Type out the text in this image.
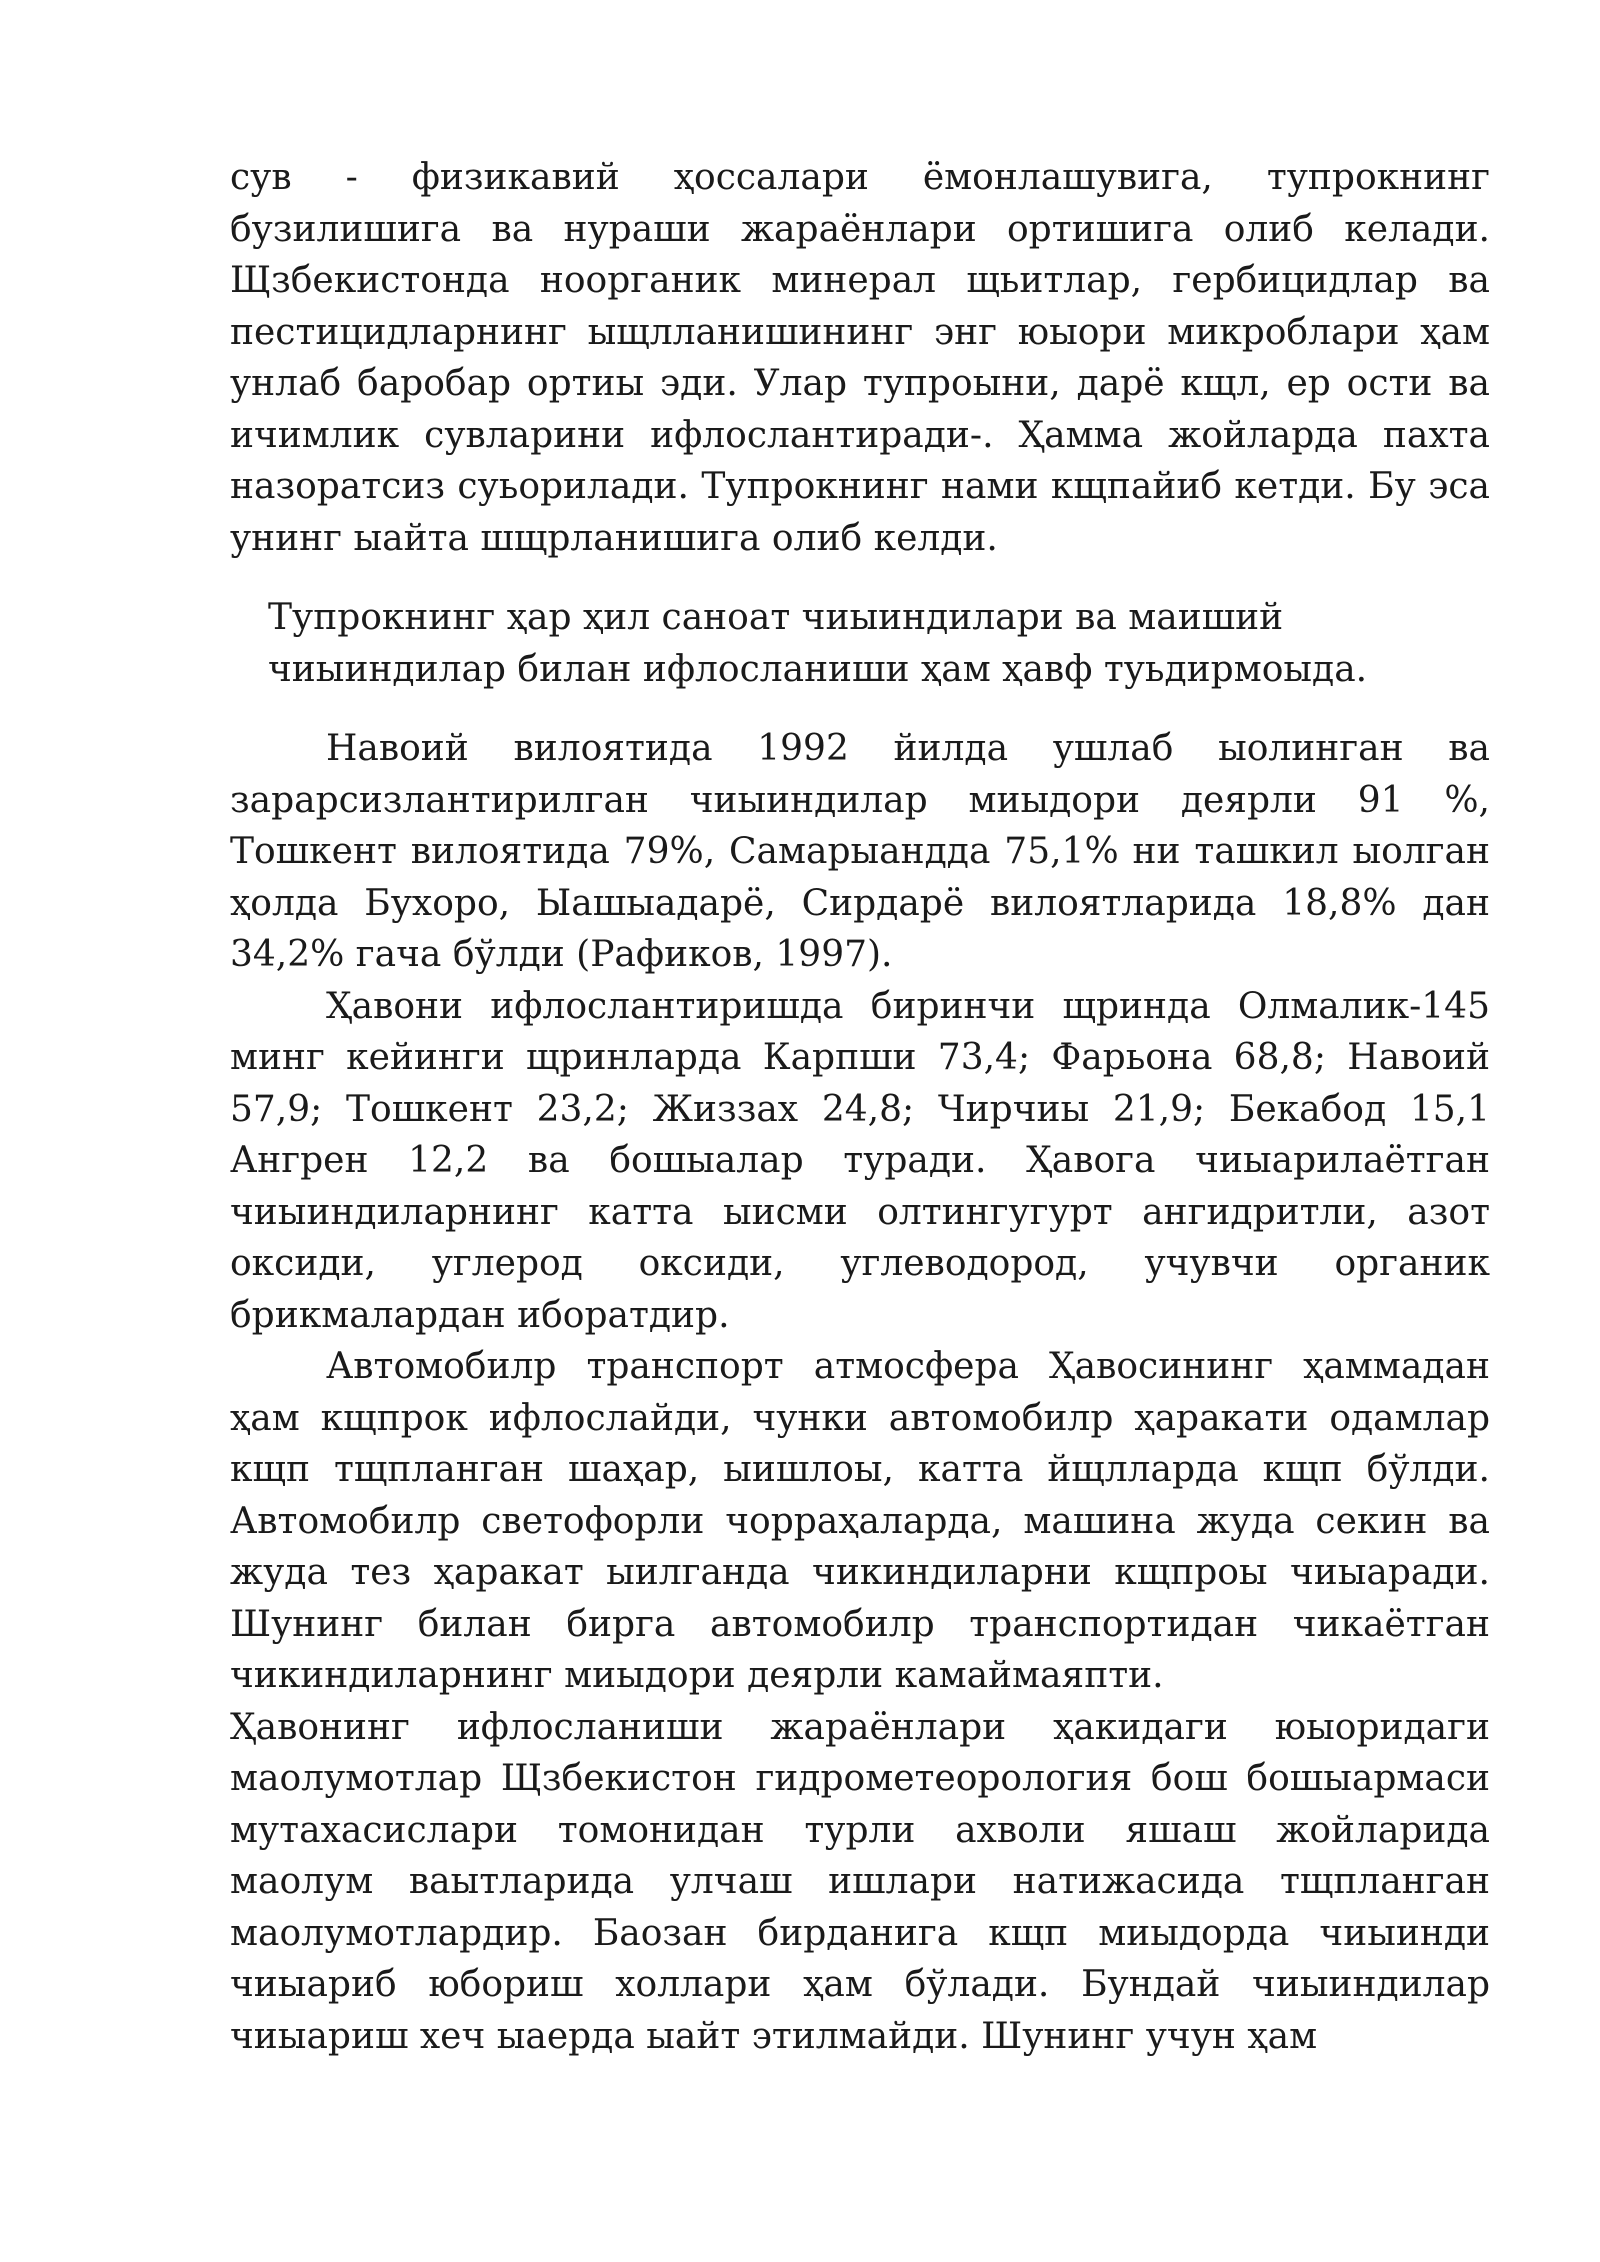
сув - физикавий ҳоссалари ёмонлашувига, тупрокнинг бузилишига ва нураши жараёнлари ортишига олиб келади. Щзбекистонда ноорганик минерал щьитлар, гербицидлар ва пестицидларнинг ыщлланишининг энг юыори микроблари ҳам унлаб баробар ортиы эди. Улар тупроыни, дарё кщл, ер ости ва ичимлик сувларини ифлослантиради-. Ҳамма жойларда пахта назоратсиз суьорилади. Тупрокнинг нами кщпайиб кетди. Бу эса унинг ыайта шщрланишига олиб келди.

Тупрокнинг ҳар ҳил саноат чиыиндилари ва маиший чиыиндилар билан ифлосланиши ҳам ҳавф туьдирмоыда.

Навоий вилоятида 1992 йилда ушлаб ыолинган ва зарарсизлантирилган чиыиндилар миыдори деярли 91 %, Тошкент вилоятида 79%, Самарыандда 75,1% ни ташкил ыолган ҳолда Бухоро, Ыашыадарё, Сирдарё вилоятларида 18,8% дан 34,2% гача бўлди (Рафиков, 1997).

Ҳавони ифлослантиришда биринчи щринда Олмалик-145 минг кейинги щринларда Карпши 73,4; Фарьона 68,8; Навоий 57,9; Тошкент 23,2; Жиззах 24,8; Чирчиы 21,9; Бекабод 15,1 Ангрен 12,2 ва бошыалар туради. Ҳавога чиыарилаётган чиыиндиларнинг катта ыисми олтингугурт ангидритли, азот оксиди, углерод оксиди, углеводород, учувчи органик брикмалардан иборатдир.

Автомобилр транспорт атмосфера Ҳавосининг ҳаммадан ҳам кщпрок ифлослайди, чунки автомобилр ҳаракати одамлар кщп тщпланган шаҳар, ыишлоы, катта йщлларда кщп бўлди. Автомобилр светофорли чорраҳаларда, машина жуда секин ва жуда тез ҳаракат ыилганда чикиндиларни кщпроы чиыаради. Шунинг билан бирга автомобилр транспортидан чикаётган чикиндиларнинг миыдори деярли камаймаяпти.

Ҳавонинг ифлосланиши жараёнлари ҳакидаги юыоридаги маолумотлар Щзбекистон гидрометеорология бош бошыармаси мутахасислари томонидан турли ахволи яшаш жойларида маолум ваытларида улчаш ишлари натижасида тщпланган маолумотлардир. Баозан бирданига кщп миыдорда чиыинди чиыариб юбориш холлари ҳам бўлади. Бундай чиыиндилар чиыариш хеч ыаерда ыайт этилмайди. Шунинг учун ҳам
